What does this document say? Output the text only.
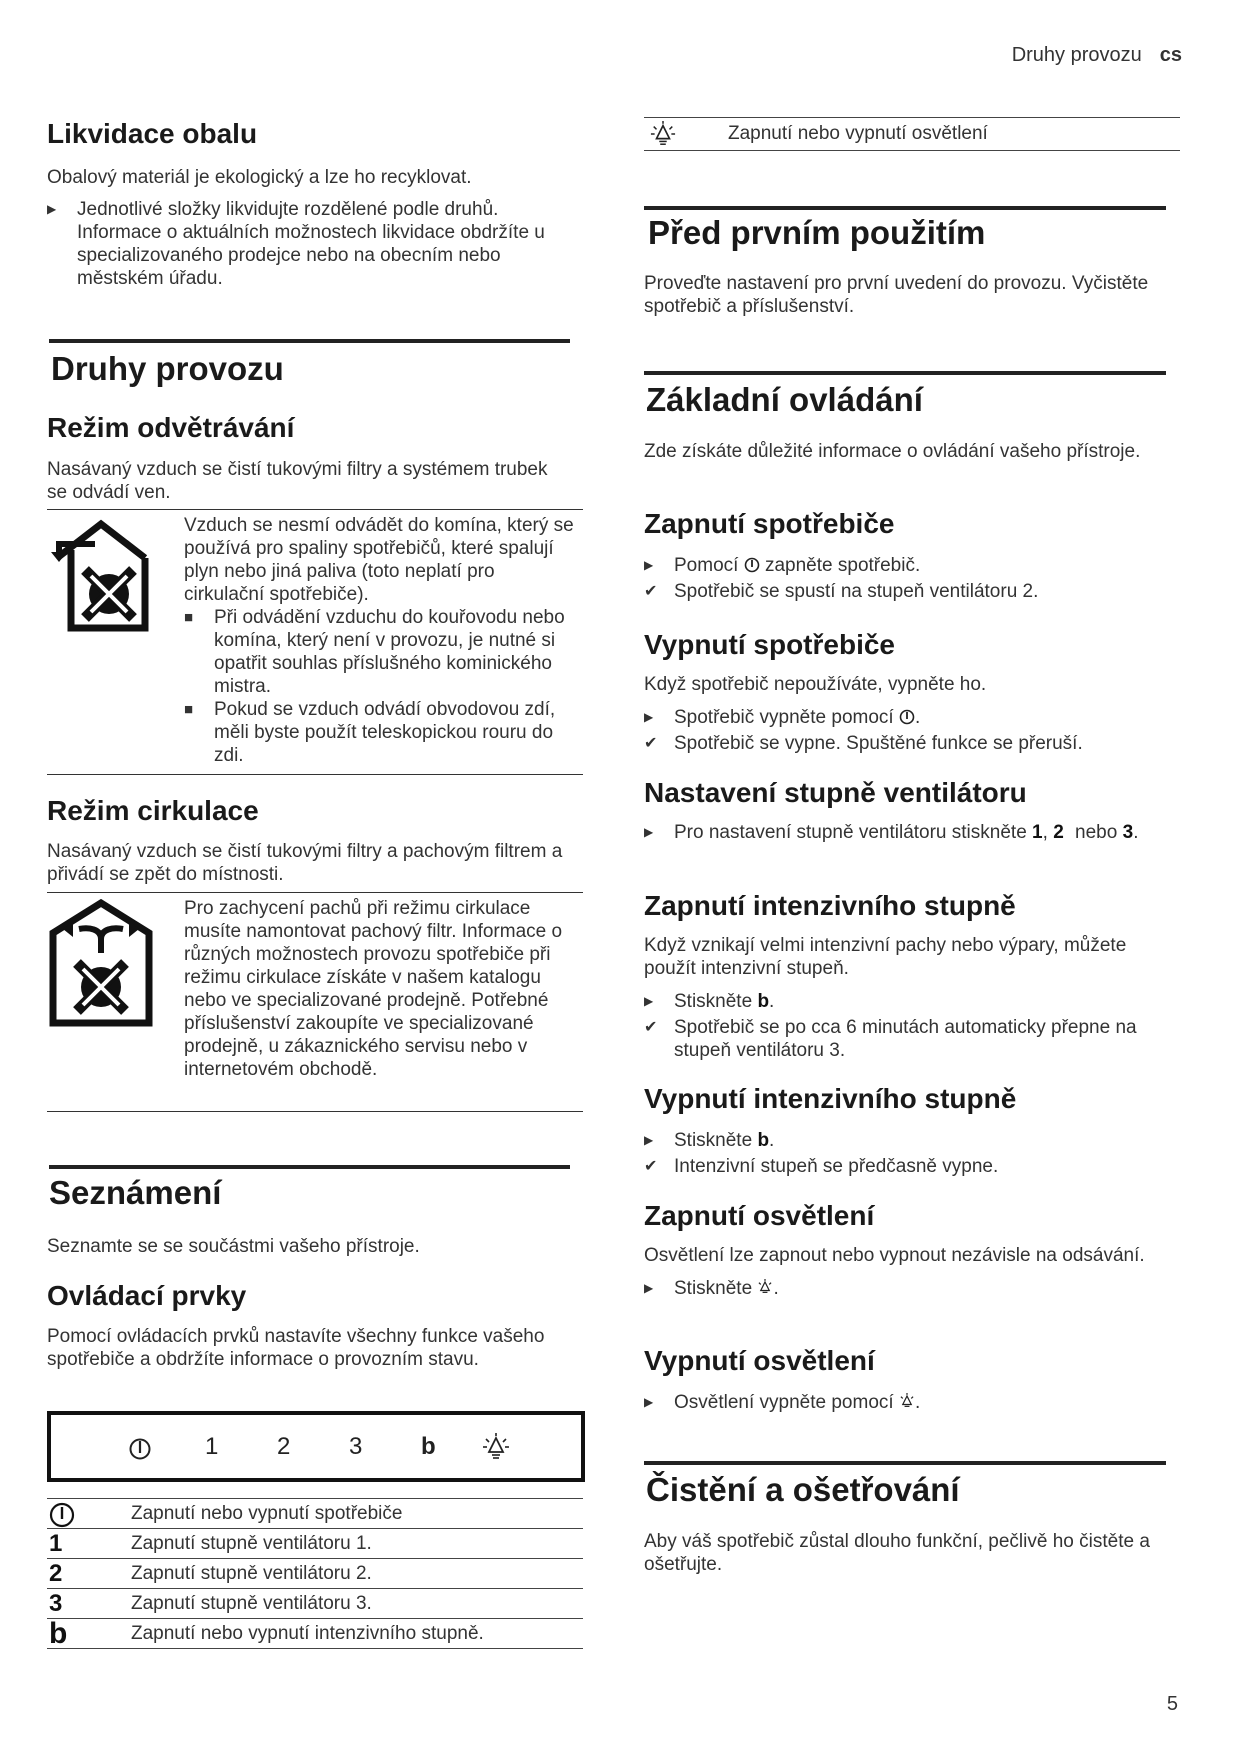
Druhy provozu cs
Likvidace obalu

Obalový materiál je ekologický a lze ho recyklovat.

▶	Jednotlivé složky likvidujte rozdělené podle druhů. Informace o aktuálních možnostech likvidace obdržíte u specializovaného prodejce nebo na obecním nebo městském úřadu.
Druhy provozu
Režim odvětrávání

Nasávaný vzduch se čistí tukovými filtry a systémem trubek se odvádí ven.

Vzduch se nesmí odvádět do komína, který se používá pro spaliny spotřebičů, které spalují plyn nebo jiná paliva (toto neplatí pro cirkulační spotřebiče).

■ Při odvádění vzduchu do kouřovodu nebo komína, který není v provozu, je nutné si opatřit souhlas příslušného kominického mistra.
■ Pokud se vzduch odvádí obvodovou zdí, měli byste použít teleskopickou rouru do zdi.
Režim cirkulace

Nasávaný vzduch se čistí tukovými filtry a pachovým filtrem a přivádí se zpět do místnosti.

Pro zachycení pachů při režimu cirkulace musíte namontovat pachový filtr. Informace o různých možnostech provozu spotřebiče při režimu cirkulace získáte v našem katalogu nebo ve specializované prodejně. Potřebné příslušenství zakoupíte ve specializované prodejně, u zákaznického servisu nebo v internetovém obchodě.

Seznámení

Seznamte se se součástmi vašeho přístroje.

Ovládací prvky

Pomocí ovládacích prvků nastavíte všechny funkce vašeho spotřebiče a obdržíte informace o provozním stavu.

1 2 3 b
Zapnutí nebo vypnutí spotřebiče
1	Zapnutí stupně ventilátoru 1.
2	Zapnutí stupně ventilátoru 2.
3	Zapnutí stupně ventilátoru 3.
b	Zapnutí nebo vypnutí intenzivního stupně.
Zapnutí nebo vypnutí osvětlení
Před prvním použitím

Proveďte nastavení pro první uvedení do provozu. Vyčistěte spotřebič a příslušenství.

Základní ovládání

Zde získáte důležité informace o ovládání vašeho přístroje.

Zapnutí spotřebiče
▶	Pomocí zapněte spotřebič.
✔ Spotřebič se spustí na stupeň ventilátoru 2.
Vypnutí spotřebiče

Když spotřebič nepoužíváte, vypněte ho.

▶	Spotřebič vypněte pomocí .
✔ Spotřebič se vypne. Spuštěné funkce se přeruší.
Nastavení stupně ventilátoru
▶	Pro nastavení stupně ventilátoru stiskněte 1, 2 nebo 3.
Zapnutí intenzivního stupně

Když vznikají velmi intenzivní pachy nebo výpary, můžete použít intenzivní stupeň.

▶	Stiskněte b.
✔ Spotřebič se po cca 6 minutách automaticky přepne na stupeň ventilátoru 3.
Vypnutí intenzivního stupně
▶	Stiskněte b.
✔ Intenzivní stupeň se předčasně vypne.
Zapnutí osvětlení

Osvětlení lze zapnout nebo vypnout nezávisle na odsávání.

▶	Stiskněte .
Vypnutí osvětlení
▶	Osvětlení vypněte pomocí .
Čistění a ošetřování

Aby váš spotřebič zůstal dlouho funkční, pečlivě ho čistěte a ošetřujte.

5
